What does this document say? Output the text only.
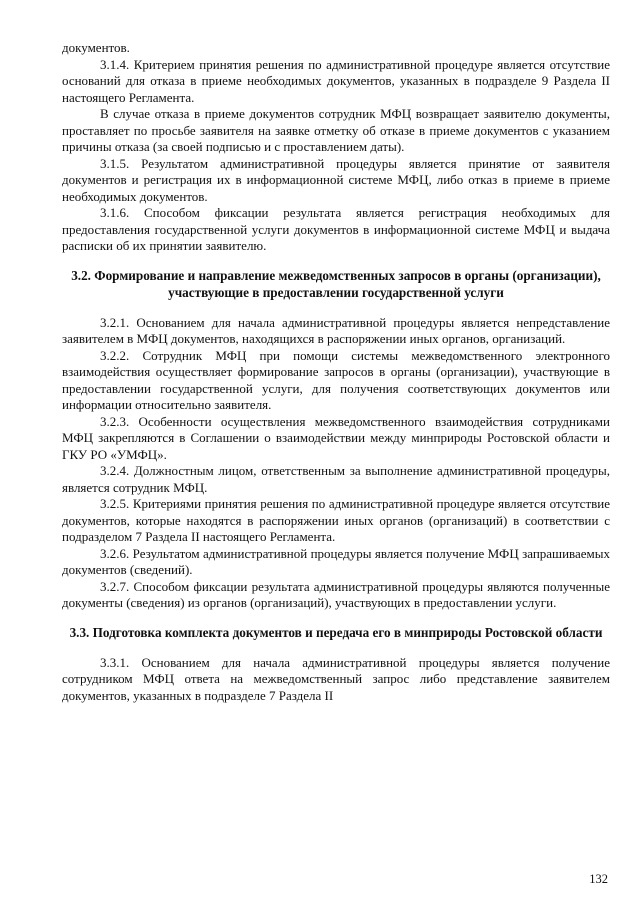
документов.

3.1.4. Критерием принятия решения по административной процедуре является отсутствие оснований для отказа в приеме необходимых документов, указанных в подразделе 9 Раздела II настоящего Регламента.

В случае отказа в приеме документов сотрудник МФЦ возвращает заявителю документы, проставляет по просьбе заявителя на заявке отметку об отказе в приеме документов с указанием причины отказа (за своей подписью и с проставлением даты).

3.1.5. Результатом административной процедуры является принятие от заявителя документов и регистрация их в информационной системе МФЦ, либо отказ в приеме в приеме необходимых документов.

3.1.6. Способом фиксации результата является регистрация необходимых для предоставления государственной услуги документов в информационной системе МФЦ и выдача расписки об их принятии заявителю.

3.2. Формирование и направление межведомственных запросов в органы (организации), участвующие в предоставлении государственной услуги

3.2.1. Основанием для начала административной процедуры является непредставление заявителем в МФЦ документов, находящихся в распоряжении иных органов, организаций.

3.2.2. Сотрудник МФЦ при помощи системы межведомственного электронного взаимодействия осуществляет формирование запросов в органы (организации), участвующие в предоставлении государственной услуги, для получения соответствующих документов или информации относительно заявителя.

3.2.3. Особенности осуществления межведомственного взаимодействия сотрудниками МФЦ закрепляются в Соглашении о взаимодействии между минприроды Ростовской области и ГКУ РО «УМФЦ».

3.2.4. Должностным лицом, ответственным за выполнение административной процедуры, является сотрудник МФЦ.

3.2.5. Критериями принятия решения по административной процедуре является отсутствие документов, которые находятся в распоряжении иных органов (организаций) в соответствии с подразделом 7 Раздела II настоящего Регламента.

3.2.6. Результатом административной процедуры является получение МФЦ запрашиваемых документов (сведений).

3.2.7. Способом фиксации результата административной процедуры являются полученные документы (сведения) из органов (организаций), участвующих в предоставлении услуги.

3.3. Подготовка комплекта документов и передача его в минприроды Ростовской области

3.3.1. Основанием для начала административной процедуры является получение сотрудником МФЦ ответа на межведомственный запрос либо представление заявителем документов, указанных в подразделе 7 Раздела II

132
